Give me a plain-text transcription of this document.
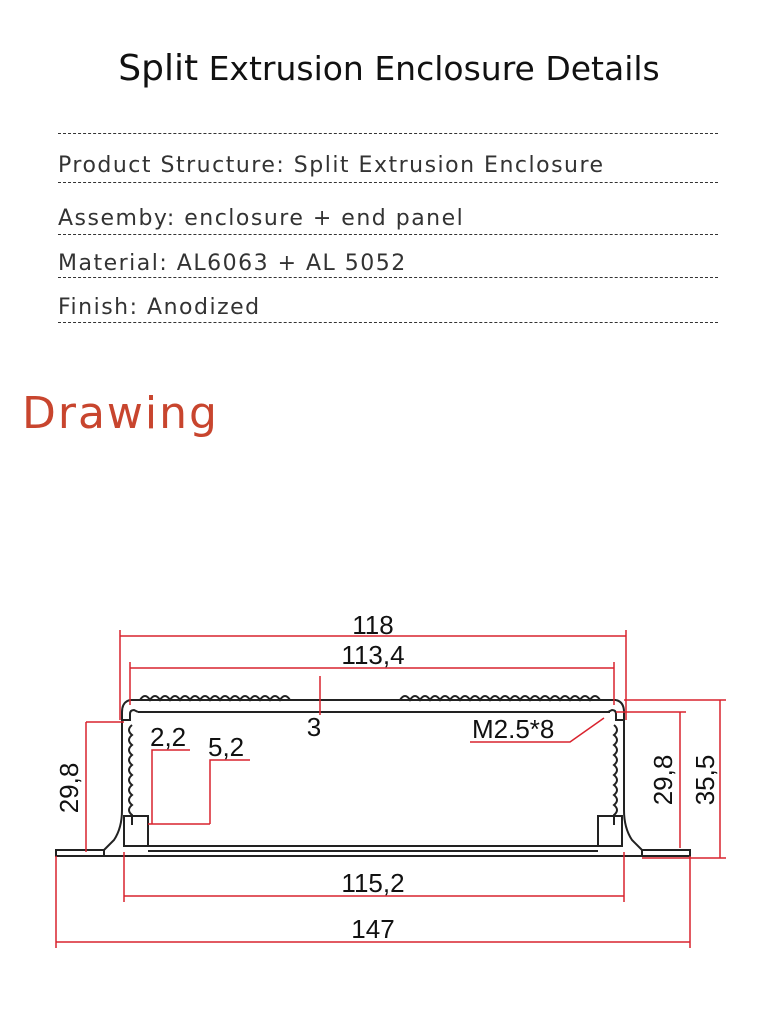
Split Extrusion Enclosure Details
Product Structure: Split Extrusion Enclosure
Assemby: enclosure + end panel
Material: AL6063 + AL 5052
Finish: Anodized
Drawing
118
113,4
3
2,2 5,2
M2.5*8
29,8	29,8 35,5
115,2
147
